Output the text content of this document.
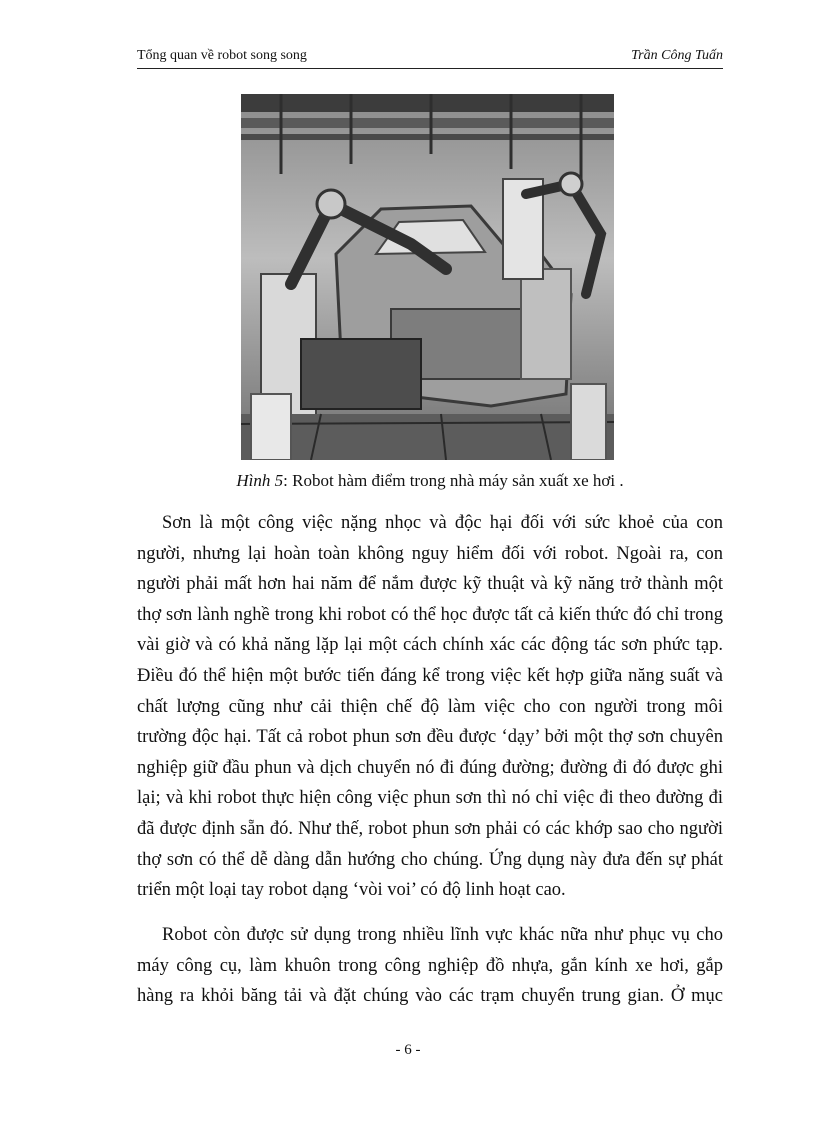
Tổng quan về robot song song	Trần Công Tuấn
Hình 5: Robot hàm điểm trong nhà máy sản xuất xe hơi .
Sơn là một công việc nặng nhọc và độc hại đối với sức khoẻ của con
người, nhưng lại hoàn toàn không nguy hiểm đối với robot. Ngoài ra, con
người phải mất hơn hai năm để nắm được kỹ thuật và kỹ năng trở thành một
thợ sơn lành nghề trong khi robot có thể học được tất cả kiến thức đó chỉ trong
vài giờ và có khả năng lặp lại một cách chính xác các động tác sơn phức tạp.
Điều đó thể hiện một bước tiến đáng kể trong việc kết hợp giữa năng suất và
chất lượng cũng như cải thiện chế độ làm việc cho con người trong môi
trường độc hại. Tất cả robot phun sơn đều được ‘dạy’ bởi một thợ sơn chuyên
nghiệp giữ đầu phun và dịch chuyển nó đi đúng đường; đường đi đó được ghi
lại; và khi robot thực hiện công việc phun sơn thì nó chỉ việc đi theo đường đi
đã được định sẵn đó. Như thế, robot phun sơn phải có các khớp sao cho người
thợ sơn có thể dễ dàng dẫn hướng cho chúng. Ứng dụng này đưa đến sự phát
triển một loại tay robot dạng ‘vòi voi’ có độ linh hoạt cao.
Robot còn được sử dụng trong nhiều lĩnh vực khác nữa như phục vụ cho
máy công cụ, làm khuôn trong công nghiệp đồ nhựa, gắn kính xe hơi, gắp
hàng ra khỏi băng tải và đặt chúng vào các trạm chuyển trung gian. Ở mục
- 6 -
